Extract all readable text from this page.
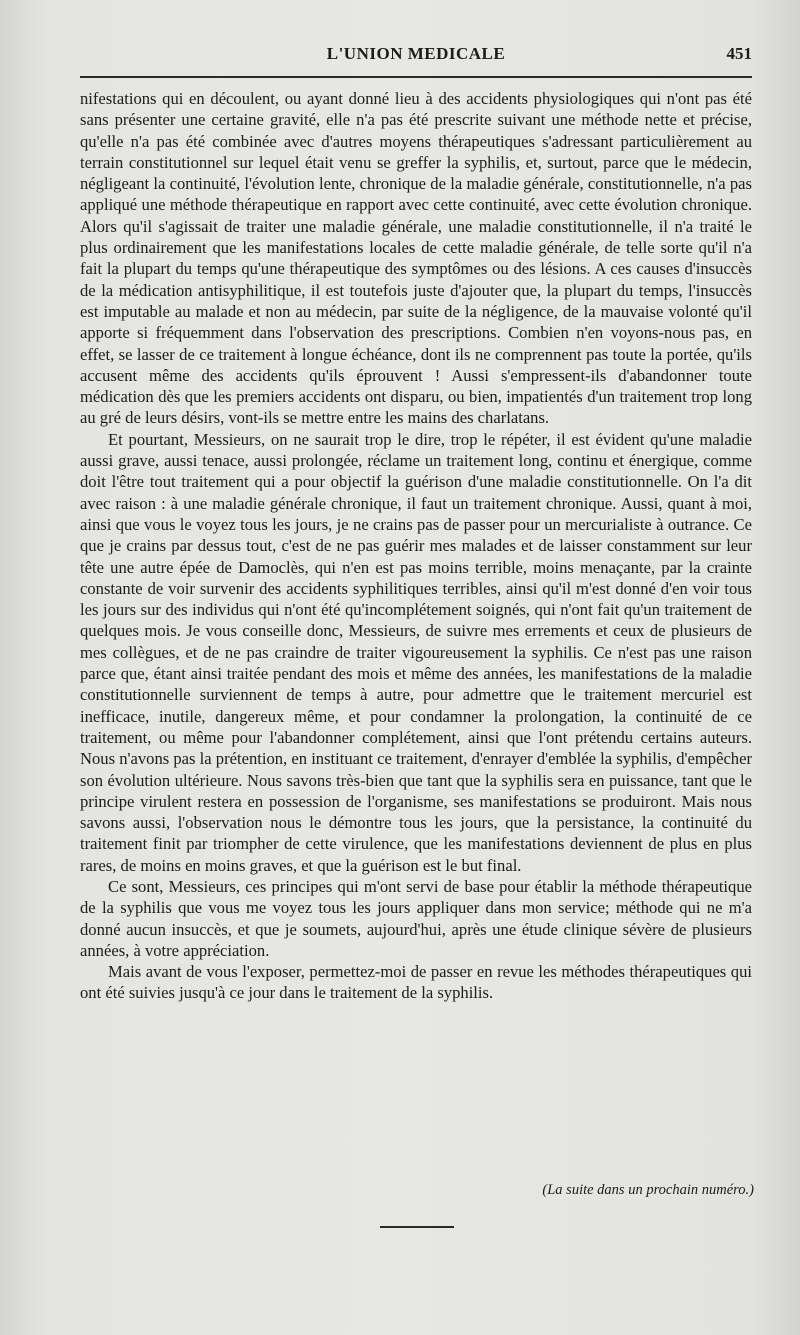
L'UNION MEDICALE	451

nifestations qui en découlent, ou ayant donné lieu à des accidents physiologiques qui n'ont pas été sans présenter une certaine gravité, elle n'a pas été prescrite suivant une méthode nette et précise, qu'elle n'a pas été combinée avec d'autres moyens thérapeutiques s'adressant particulièrement au terrain constitutionnel sur lequel était venu se greffer la syphilis, et, surtout, parce que le médecin, négligeant la continuité, l'évolution lente, chronique de la maladie générale, constitutionnelle, n'a pas appliqué une méthode thérapeutique en rapport avec cette continuité, avec cette évolution chronique. Alors qu'il s'agissait de traiter une maladie générale, une maladie constitutionnelle, il n'a traité le plus ordinairement que les manifestations locales de cette maladie générale, de telle sorte qu'il n'a fait la plupart du temps qu'une thérapeutique des symptômes ou des lésions. A ces causes d'insuccès de la médication antisyphilitique, il est toutefois juste d'ajouter que, la plupart du temps, l'insuccès est imputable au malade et non au médecin, par suite de la négligence, de la mauvaise volonté qu'il apporte si fréquemment dans l'observation des prescriptions. Combien n'en voyons-nous pas, en effet, se lasser de ce traitement à longue échéance, dont ils ne comprennent pas toute la portée, qu'ils accusent même des accidents qu'ils éprouvent ! Aussi s'empressent-ils d'abandonner toute médication dès que les premiers accidents ont disparu, ou bien, impatientés d'un traitement trop long au gré de leurs désirs, vont-ils se mettre entre les mains des charlatans.

Et pourtant, Messieurs, on ne saurait trop le dire, trop le répéter, il est évident qu'une maladie aussi grave, aussi tenace, aussi prolongée, réclame un traitement long, continu et énergique, comme doit l'être tout traitement qui a pour objectif la guérison d'une maladie constitutionnelle. On l'a dit avec raison : à une maladie générale chronique, il faut un traitement chronique. Aussi, quant à moi, ainsi que vous le voyez tous les jours, je ne crains pas de passer pour un mercurialiste à outrance. Ce que je crains par dessus tout, c'est de ne pas guérir mes malades et de laisser constamment sur leur tête une autre épée de Damoclès, qui n'en est pas moins terrible, moins menaçante, par la crainte constante de voir survenir des accidents syphilitiques terribles, ainsi qu'il m'est donné d'en voir tous les jours sur des individus qui n'ont été qu'incomplétement soignés, qui n'ont fait qu'un traitement de quelques mois. Je vous conseille donc, Messieurs, de suivre mes errements et ceux de plusieurs de mes collègues, et de ne pas craindre de traiter vigoureusement la syphilis. Ce n'est pas une raison parce que, étant ainsi traitée pendant des mois et même des années, les manifestations de la maladie constitutionnelle surviennent de temps à autre, pour admettre que le traitement mercuriel est inefficace, inutile, dangereux même, et pour condamner la prolongation, la continuité de ce traitement, ou même pour l'abandonner complétement, ainsi que l'ont prétendu certains auteurs. Nous n'avons pas la prétention, en instituant ce traitement, d'enrayer d'emblée la syphilis, d'empêcher son évolution ultérieure. Nous savons très-bien que tant que la syphilis sera en puissance, tant que le principe virulent restera en possession de l'organisme, ses manifestations se produiront. Mais nous savons aussi, l'observation nous le démontre tous les jours, que la persistance, la continuité du traitement finit par triompher de cette virulence, que les manifestations deviennent de plus en plus rares, de moins en moins graves, et que la guérison est le but final.

Ce sont, Messieurs, ces principes qui m'ont servi de base pour établir la méthode thérapeutique de la syphilis que vous me voyez tous les jours appliquer dans mon service; méthode qui ne m'a donné aucun insuccès, et que je soumets, aujourd'hui, après une étude clinique sévère de plusieurs années, à votre appréciation.

Mais avant de vous l'exposer, permettez-moi de passer en revue les méthodes thérapeutiques qui ont été suivies jusqu'à ce jour dans le traitement de la syphilis.

(La suite dans un prochain numéro.)
